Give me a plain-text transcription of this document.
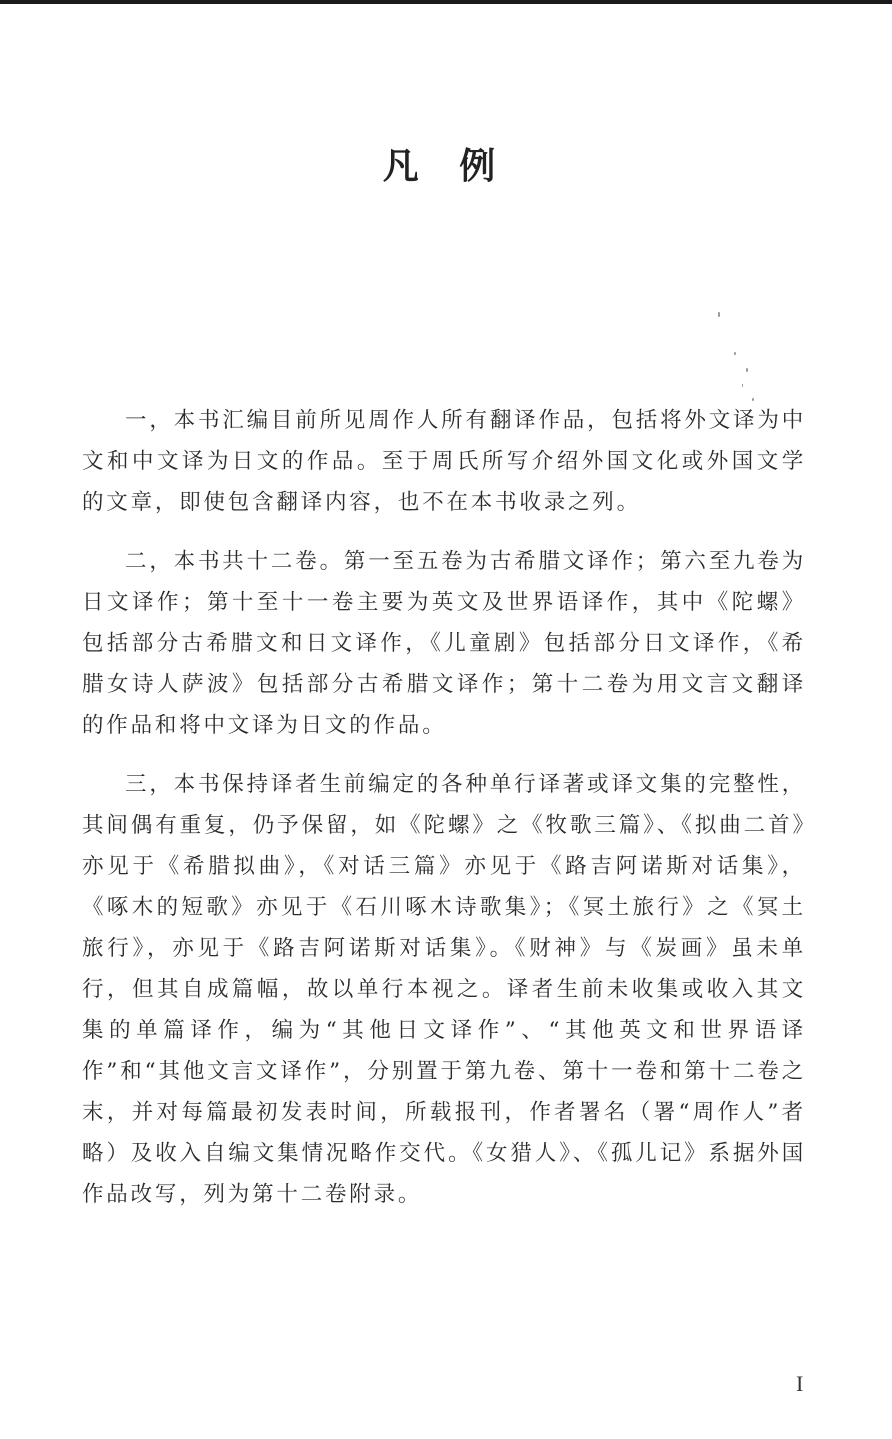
凡 例

一，本书汇编目前所见周作人所有翻译作品，包括将外文译为中文和中文译为日文的作品。至于周氏所写介绍外国文化或外国文学的文章，即使包含翻译内容，也不在本书收录之列。

二，本书共十二卷。第一至五卷为古希腊文译作；第六至九卷为日文译作；第十至十一卷主要为英文及世界语译作，其中《陀螺》包括部分古希腊文和日文译作，《儿童剧》包括部分日文译作，《希腊女诗人萨波》包括部分古希腊文译作；第十二卷为用文言文翻译的作品和将中文译为日文的作品。

三，本书保持译者生前编定的各种单行译著或译文集的完整性，其间偶有重复，仍予保留，如《陀螺》之《牧歌三篇》、《拟曲二首》亦见于《希腊拟曲》，《对话三篇》亦见于《路吉阿诺斯对话集》，《啄木的短歌》亦见于《石川啄木诗歌集》；《冥土旅行》之《冥土旅行》，亦见于《路吉阿诺斯对话集》。《财神》与《炭画》虽未单行，但其自成篇幅，故以单行本视之。译者生前未收集或收入其文集的单篇译作，编为“其他日文译作”、“其他英文和世界语译作”和“其他文言文译作”，分别置于第九卷、第十一卷和第十二卷之末，并对每篇最初发表时间，所载报刊，作者署名（署“周作人”者略）及收入自编文集情况略作交代。《女猎人》、《孤儿记》系据外国作品改写，列为第十二卷附录。

I
